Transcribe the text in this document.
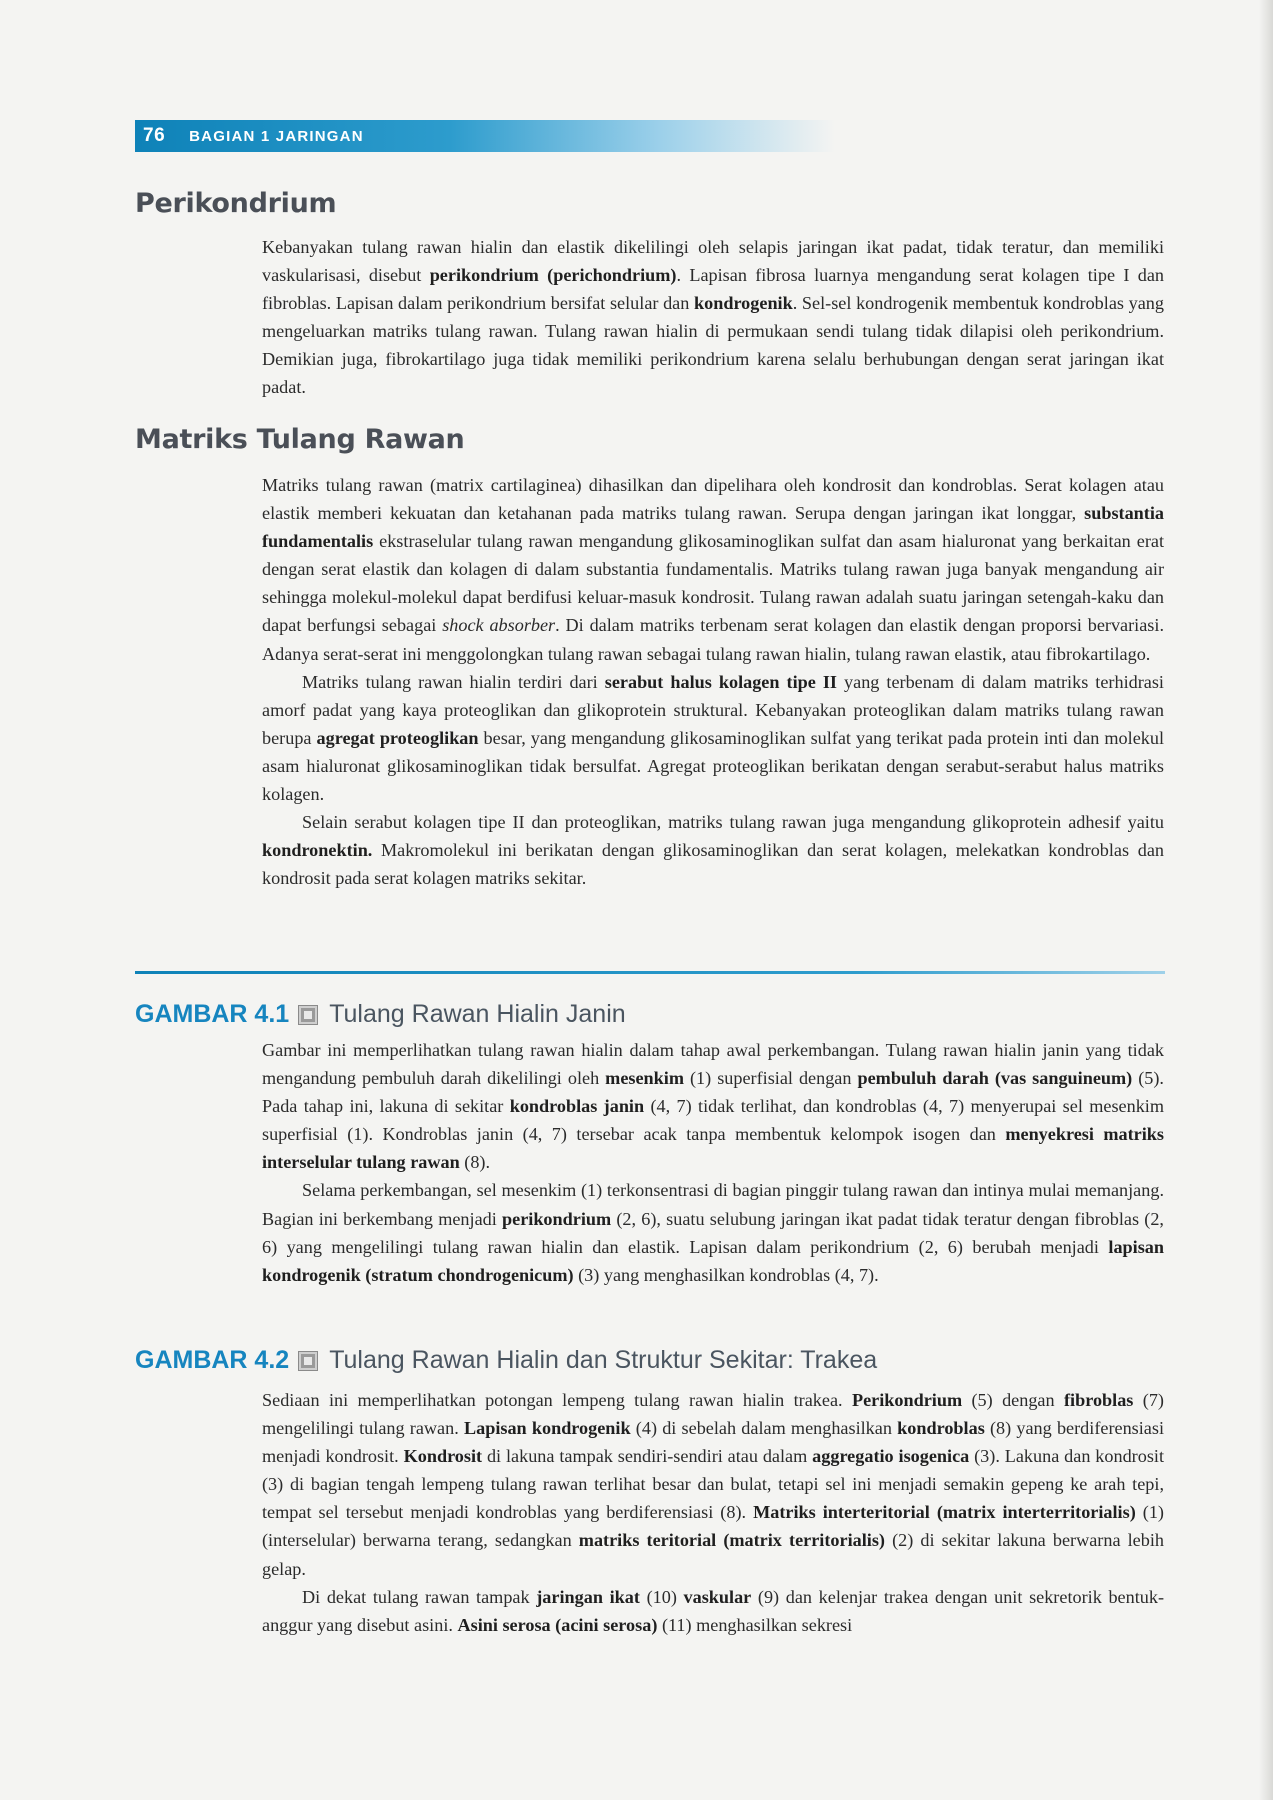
76 BAGIAN 1 JARINGAN
Perikondrium

Kebanyakan tulang rawan hialin dan elastik dikelilingi oleh selapis jaringan ikat padat, tidak teratur, dan memiliki vaskularisasi, disebut perikondrium (perichondrium). Lapisan fibrosa luarnya mengandung serat kolagen tipe I dan fibroblas. Lapisan dalam perikondrium bersifat selular dan kondrogenik. Sel-sel kondrogenik membentuk kondroblas yang mengeluarkan matriks tulang rawan. Tulang rawan hialin di permukaan sendi tulang tidak dilapisi oleh perikondrium. Demikian juga, fibrokartilago juga tidak memiliki perikondrium karena selalu berhubungan dengan serat jaringan ikat padat.

Matriks Tulang Rawan

Matriks tulang rawan (matrix cartilaginea) dihasilkan dan dipelihara oleh kondrosit dan kondroblas. Serat kolagen atau elastik memberi kekuatan dan ketahanan pada matriks tulang rawan. Serupa dengan jaringan ikat longgar, substantia fundamentalis ekstraselular tulang rawan mengandung glikosaminoglikan sulfat dan asam hialuronat yang berkaitan erat dengan serat elastik dan kolagen di dalam substantia fundamentalis. Matriks tulang rawan juga banyak mengandung air sehingga molekul-molekul dapat berdifusi keluar-masuk kondrosit. Tulang rawan adalah suatu jaringan setengah-kaku dan dapat berfungsi sebagai shock absorber. Di dalam matriks terbenam serat kolagen dan elastik dengan proporsi bervariasi. Adanya serat-serat ini menggolongkan tulang rawan sebagai tulang rawan hialin, tulang rawan elastik, atau fibrokartilago.

Matriks tulang rawan hialin terdiri dari serabut halus kolagen tipe II yang terbenam di dalam matriks terhidrasi amorf padat yang kaya proteoglikan dan glikoprotein struktural. Kebanyakan proteoglikan dalam matriks tulang rawan berupa agregat proteoglikan besar, yang mengandung glikosaminoglikan sulfat yang terikat pada protein inti dan molekul asam hialuronat glikosaminoglikan tidak bersulfat. Agregat proteoglikan berikatan dengan serabut-serabut halus matriks kolagen.

Selain serabut kolagen tipe II dan proteoglikan, matriks tulang rawan juga mengandung glikoprotein adhesif yaitu kondronektin. Makromolekul ini berikatan dengan glikosaminoglikan dan serat kolagen, melekatkan kondroblas dan kondrosit pada serat kolagen matriks sekitar.

GAMBAR 4.1 Tulang Rawan Hialin Janin

Gambar ini memperlihatkan tulang rawan hialin dalam tahap awal perkembangan. Tulang rawan hialin janin yang tidak mengandung pembuluh darah dikelilingi oleh mesenkim (1) superfisial dengan pembuluh darah (vas sanguineum) (5). Pada tahap ini, lakuna di sekitar kondroblas janin (4, 7) tidak terlihat, dan kondroblas (4, 7) menyerupai sel mesenkim superfisial (1). Kondroblas janin (4, 7) tersebar acak tanpa membentuk kelompok isogen dan menyekresi matriks interselular tulang rawan (8).

Selama perkembangan, sel mesenkim (1) terkonsentrasi di bagian pinggir tulang rawan dan intinya mulai memanjang. Bagian ini berkembang menjadi perikondrium (2, 6), suatu selubung jaringan ikat padat tidak teratur dengan fibroblas (2, 6) yang mengelilingi tulang rawan hialin dan elastik. Lapisan dalam perikondrium (2, 6) berubah menjadi lapisan kondrogenik (stratum chondrogenicum) (3) yang menghasilkan kondroblas (4, 7).

GAMBAR 4.2 Tulang Rawan Hialin dan Struktur Sekitar: Trakea

Sediaan ini memperlihatkan potongan lempeng tulang rawan hialin trakea. Perikondrium (5) dengan fibroblas (7) mengelilingi tulang rawan. Lapisan kondrogenik (4) di sebelah dalam menghasilkan kondroblas (8) yang berdiferensiasi menjadi kondrosit. Kondrosit di lakuna tampak sendiri-sendiri atau dalam aggregatio isogenica (3). Lakuna dan kondrosit (3) di bagian tengah lempeng tulang rawan terlihat besar dan bulat, tetapi sel ini menjadi semakin gepeng ke arah tepi, tempat sel tersebut menjadi kondroblas yang berdiferensiasi (8). Matriks interteritorial (matrix interterritorialis) (1) (interselular) berwarna terang, sedangkan matriks teritorial (matrix territorialis) (2) di sekitar lakuna berwarna lebih gelap.

Di dekat tulang rawan tampak jaringan ikat (10) vaskular (9) dan kelenjar trakea dengan unit sekretorik bentuk-anggur yang disebut asini. Asini serosa (acini serosa) (11) menghasilkan sekresi
